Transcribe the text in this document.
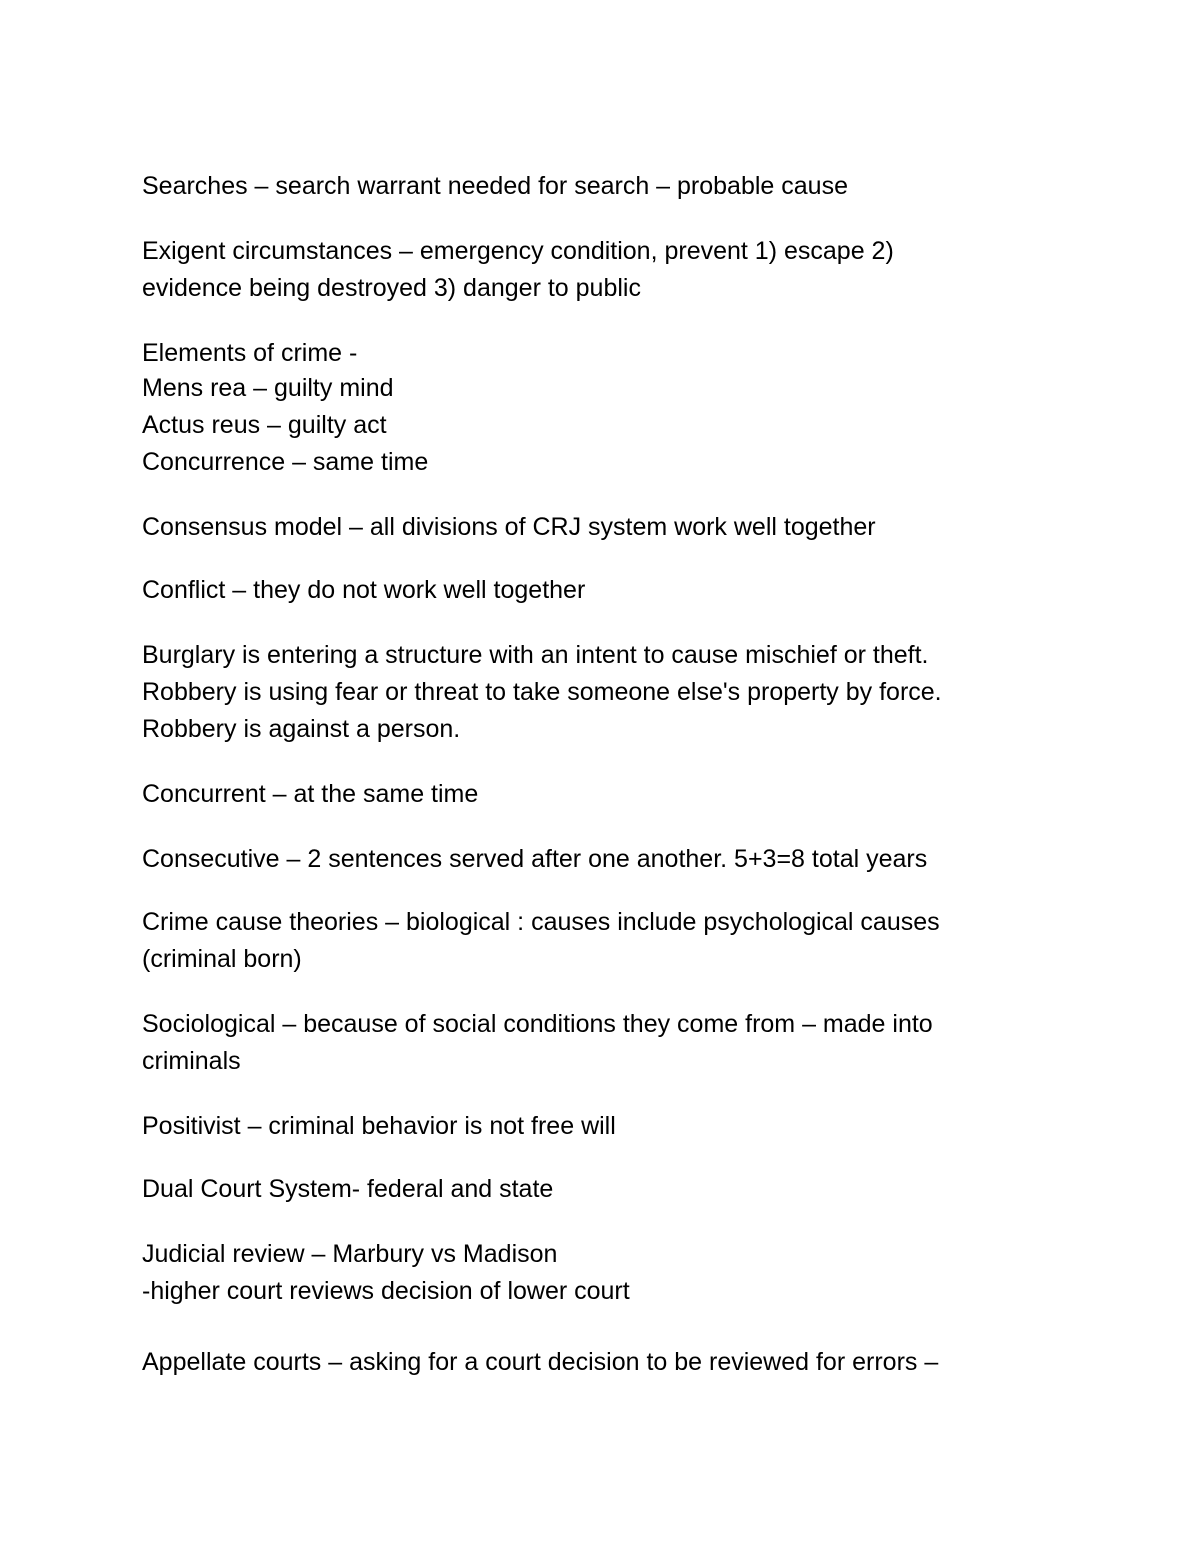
Searches – search warrant needed for search – probable cause
Exigent circumstances – emergency condition, prevent 1) escape 2)
evidence being destroyed 3) danger to public
Elements of crime -
Mens rea – guilty mind
Actus reus – guilty act
Concurrence – same time
Consensus model – all divisions of CRJ system work well together
Conflict – they do not work well together
Burglary is entering a structure with an intent to cause mischief or theft.
Robbery is using fear or threat to take someone else's property by force.
Robbery is against a person.
Concurrent – at the same time
Consecutive – 2 sentences served after one another. 5+3=8 total years
Crime cause theories – biological : causes include psychological causes
(criminal born)
Sociological – because of social conditions they come from – made into
criminals
Positivist – criminal behavior is not free will
Dual Court System- federal and state
Judicial review – Marbury vs Madison
-higher court reviews decision of lower court
Appellate courts – asking for a court decision to be reviewed for errors –
